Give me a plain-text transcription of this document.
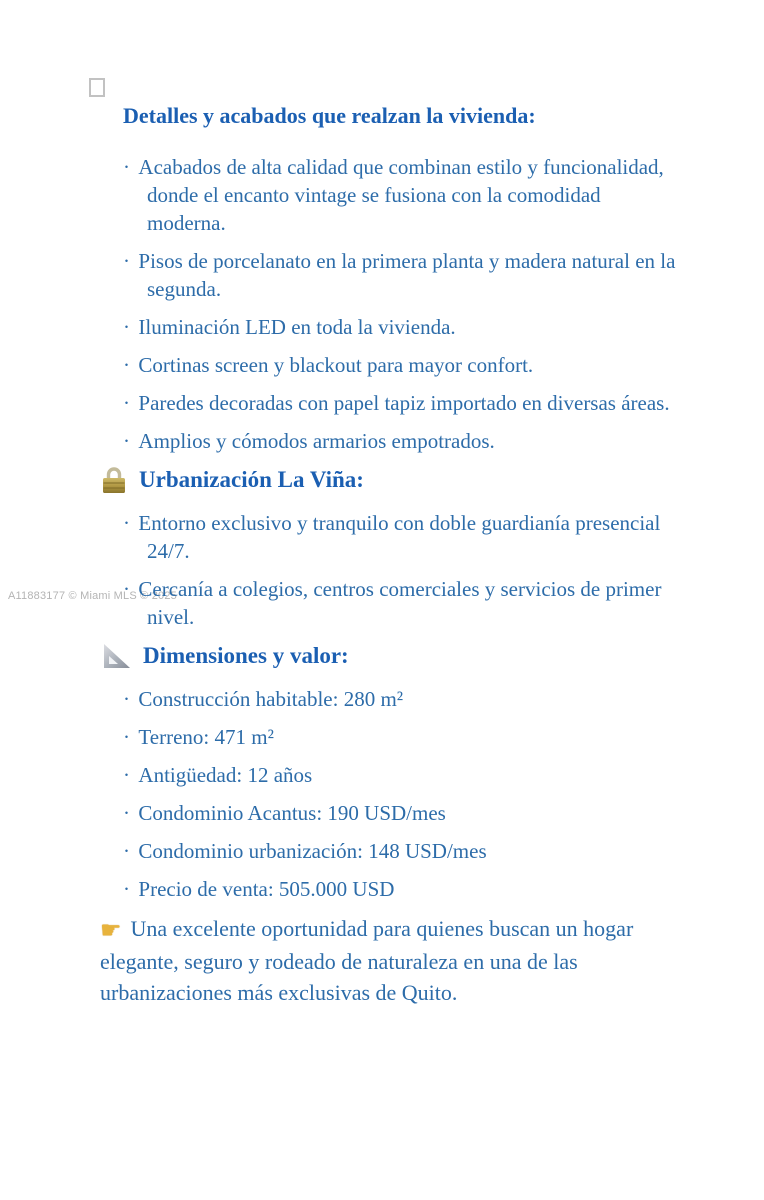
A11883177 © Miami MLS © 2025
Detalles y acabados que realzan la vivienda:
·  Acabados de alta calidad que combinan estilo y funcionalidad, donde el encanto vintage se fusiona con la comodidad moderna.
·  Pisos de porcelanato en la primera planta y madera natural en la segunda.
·  Iluminación LED en toda la vivienda.
·  Cortinas screen y blackout para mayor confort.
·  Paredes decoradas con papel tapiz importado en diversas áreas.
·  Amplios y cómodos armarios empotrados.
Urbanización La Viña:
·  Entorno exclusivo y tranquilo con doble guardianía presencial 24/7.
·  Cercanía a colegios, centros comerciales y servicios de primer nivel.
Dimensiones y valor:
·  Construcción habitable: 280 m²
·  Terreno: 471 m²
·  Antigüedad: 12 años
·  Condominio Acantus: 190 USD/mes
·  Condominio urbanización: 148 USD/mes
·  Precio de venta: 505.000 USD

☛ Una excelente oportunidad para quienes buscan un hogar elegante, seguro y rodeado de naturaleza en una de las urbanizaciones más exclusivas de Quito.
